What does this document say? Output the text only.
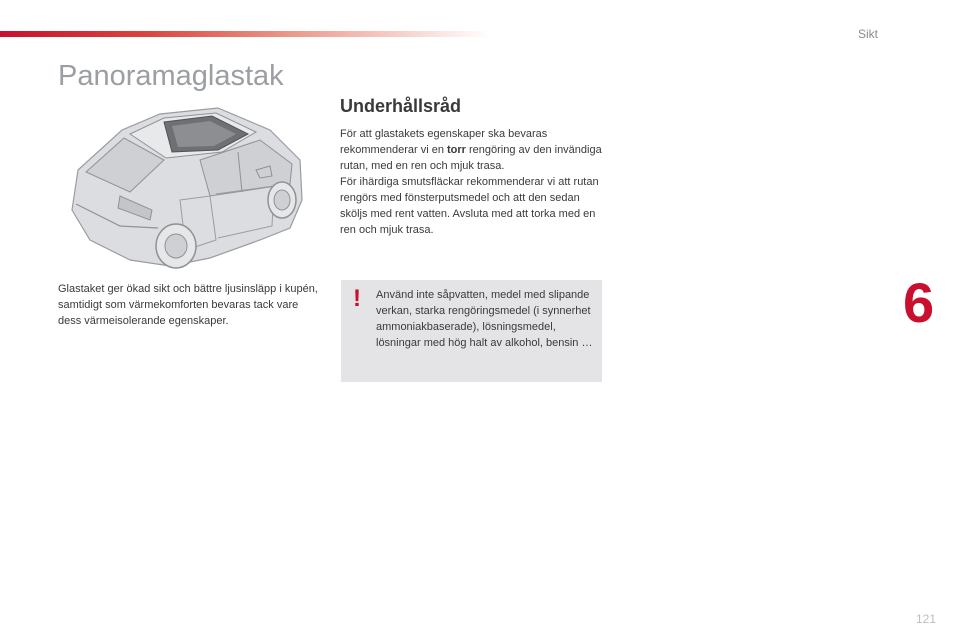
Sikt
Panoramaglastak

Glastaket ger ökad sikt och bättre ljusinsläpp i kupén, samtidigt som värmekomforten bevaras tack vare dess värmeisolerande egenskaper.

Underhållsråd

För att glastakets egenskaper ska bevaras rekommenderar vi en torr rengöring av den invändiga rutan, med en ren och mjuk trasa.
För ihärdiga smutsfläckar rekommenderar vi att rutan rengörs med fönsterputsmedel och att den sedan sköljs med rent vatten. Avsluta med att torka med en ren och mjuk trasa.

! Använd inte såpvatten, medel med slipande verkan, starka rengöringsmedel (i synnerhet ammoniakbaserade), lösningsmedel, lösningar med hög halt av alkohol, bensin …

6
121
